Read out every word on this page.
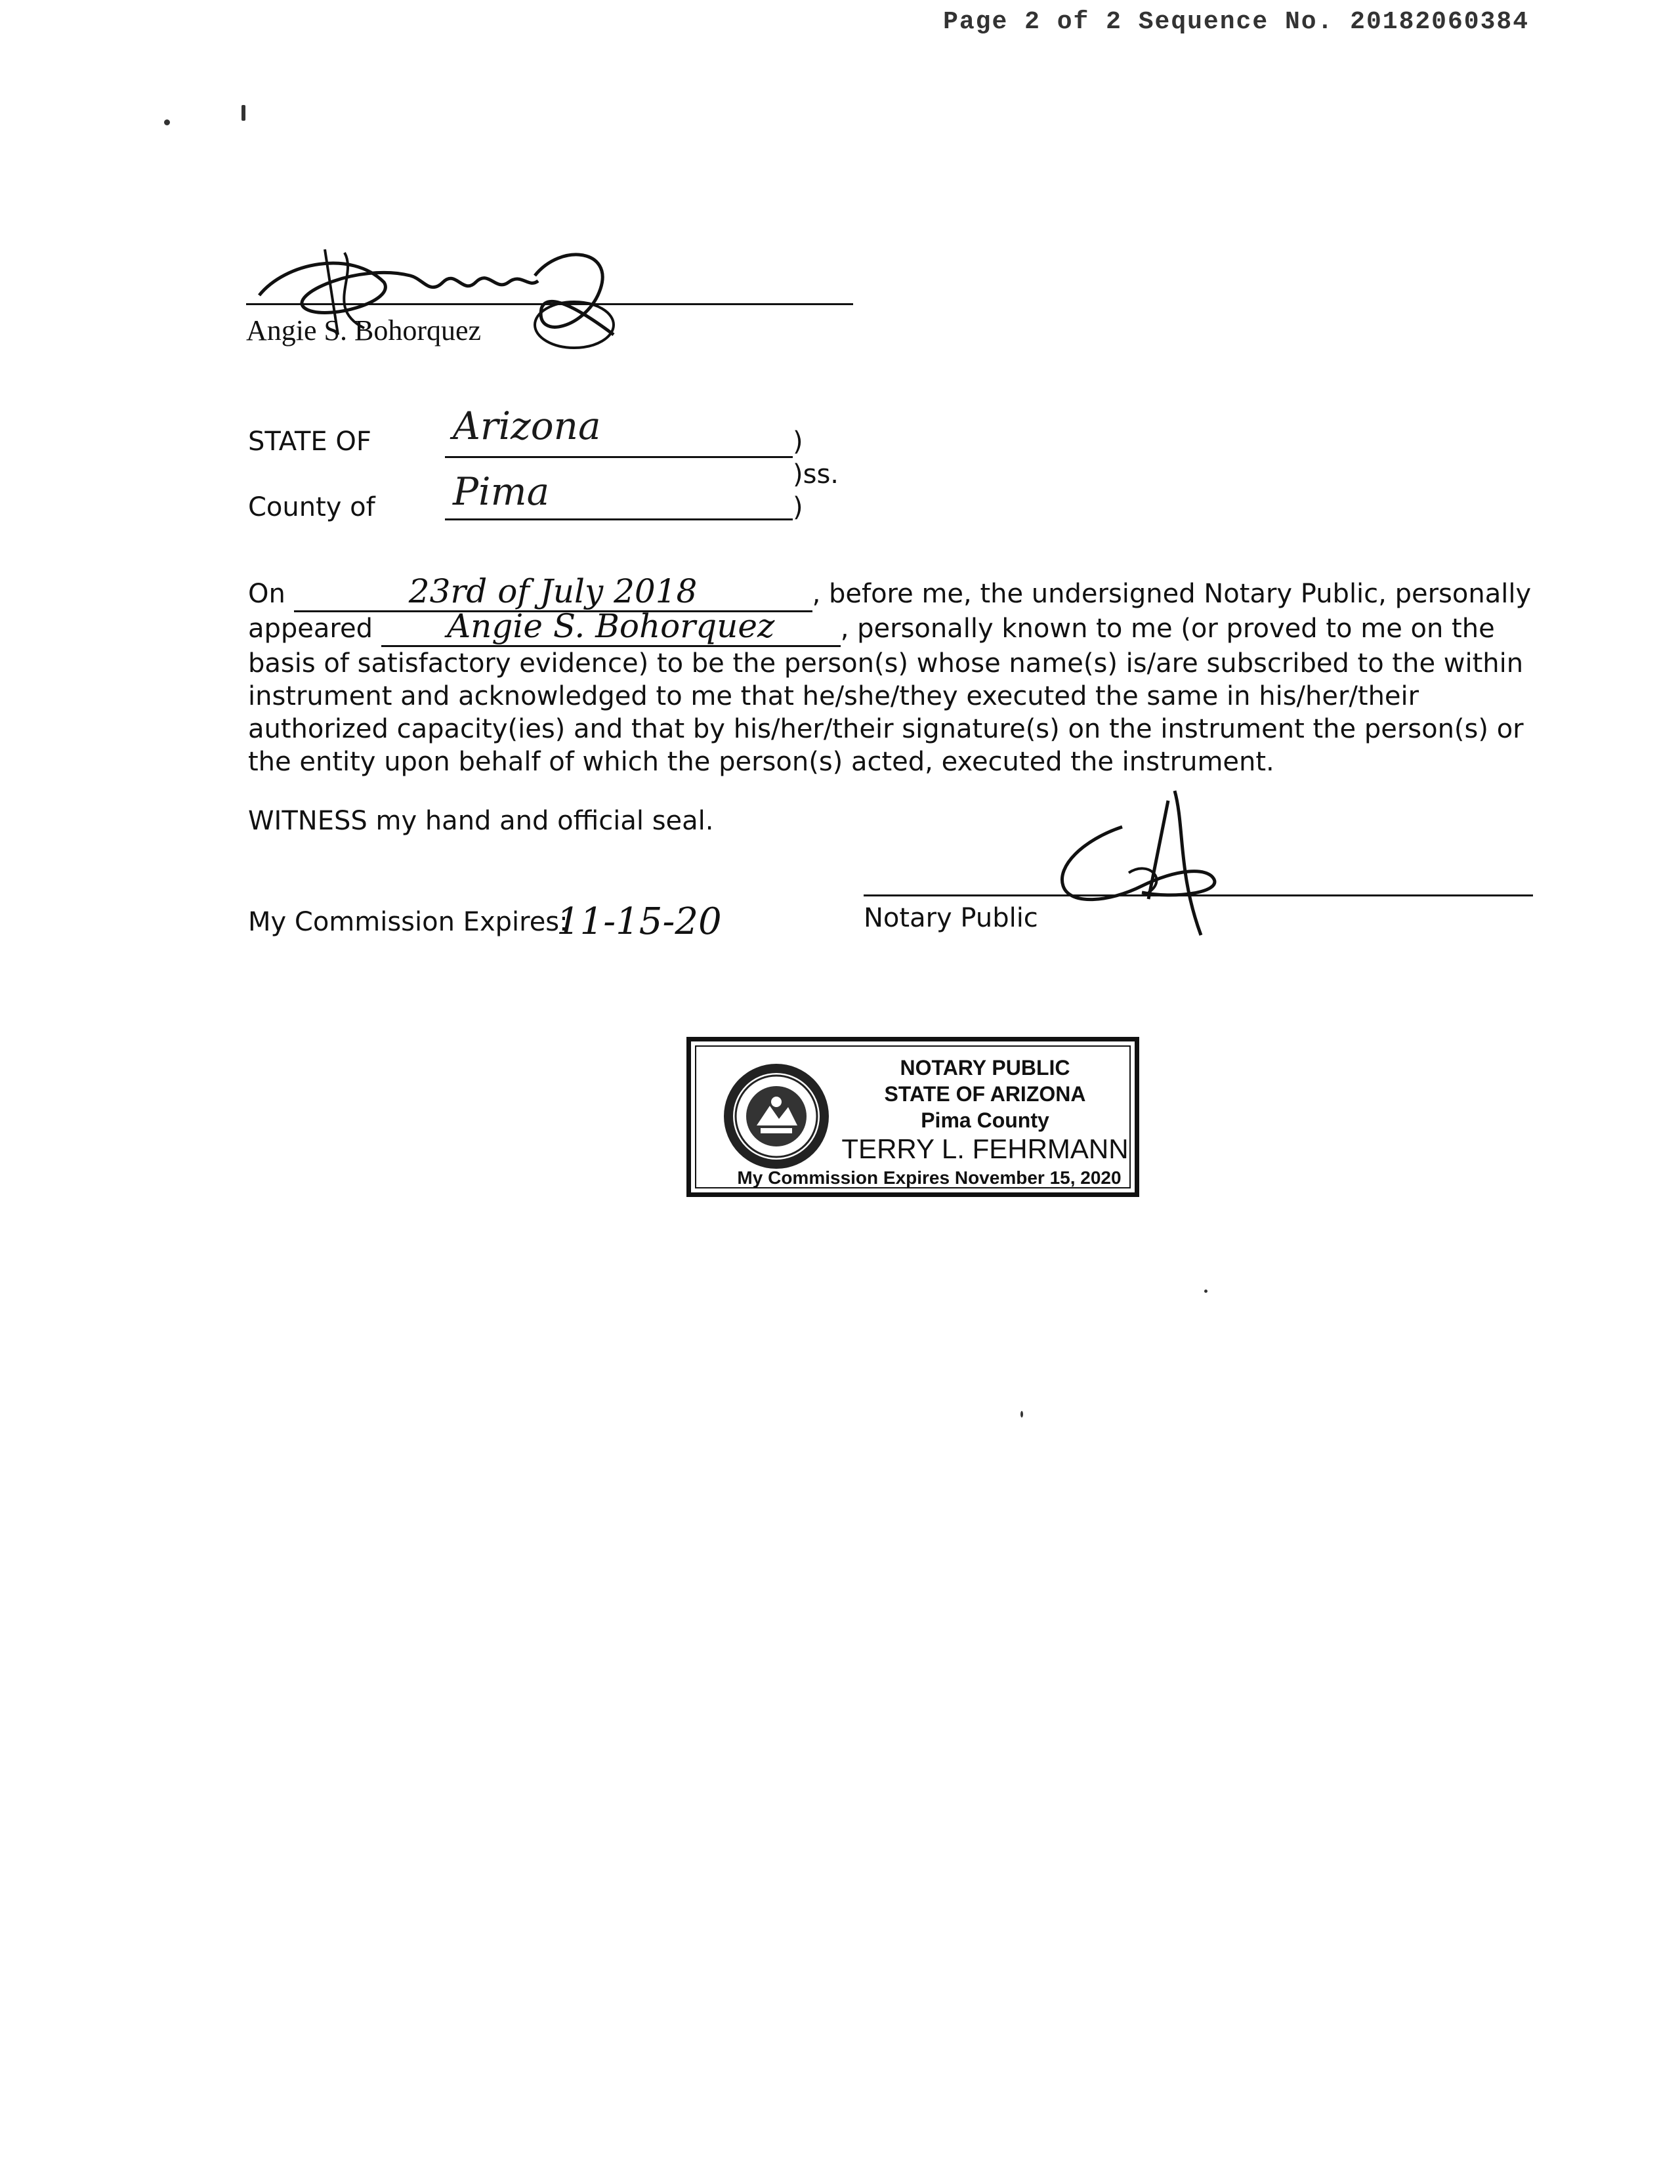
Page 2 of 2 Sequence No. 20182060384
Angie S. Bohorquez
STATE OF Arizona	)
)ss.
County of Pima	)
On	23rd of July 2018	, before me, the undersigned Notary Public, personally appeared Angie S. Bohorquez	, personally known to me (or proved to me on the basis of satisfactory evidence) to be the person(s) whose name(s) is/are subscribed to the within instrument and acknowledged to me that he/she/they executed the same in his/her/their authorized capacity(ies) and that by his/her/their signature(s) on the instrument the person(s) or the entity upon behalf of which the person(s) acted, executed the instrument.
WITNESS my hand and official seal.
My Commission Expires:
11-15-20	Notary Public
NOTARY PUBLIC
STATE OF ARIZONA
Pima County
TERRY L. FEHRMANN
My Commission Expires November 15, 2020
